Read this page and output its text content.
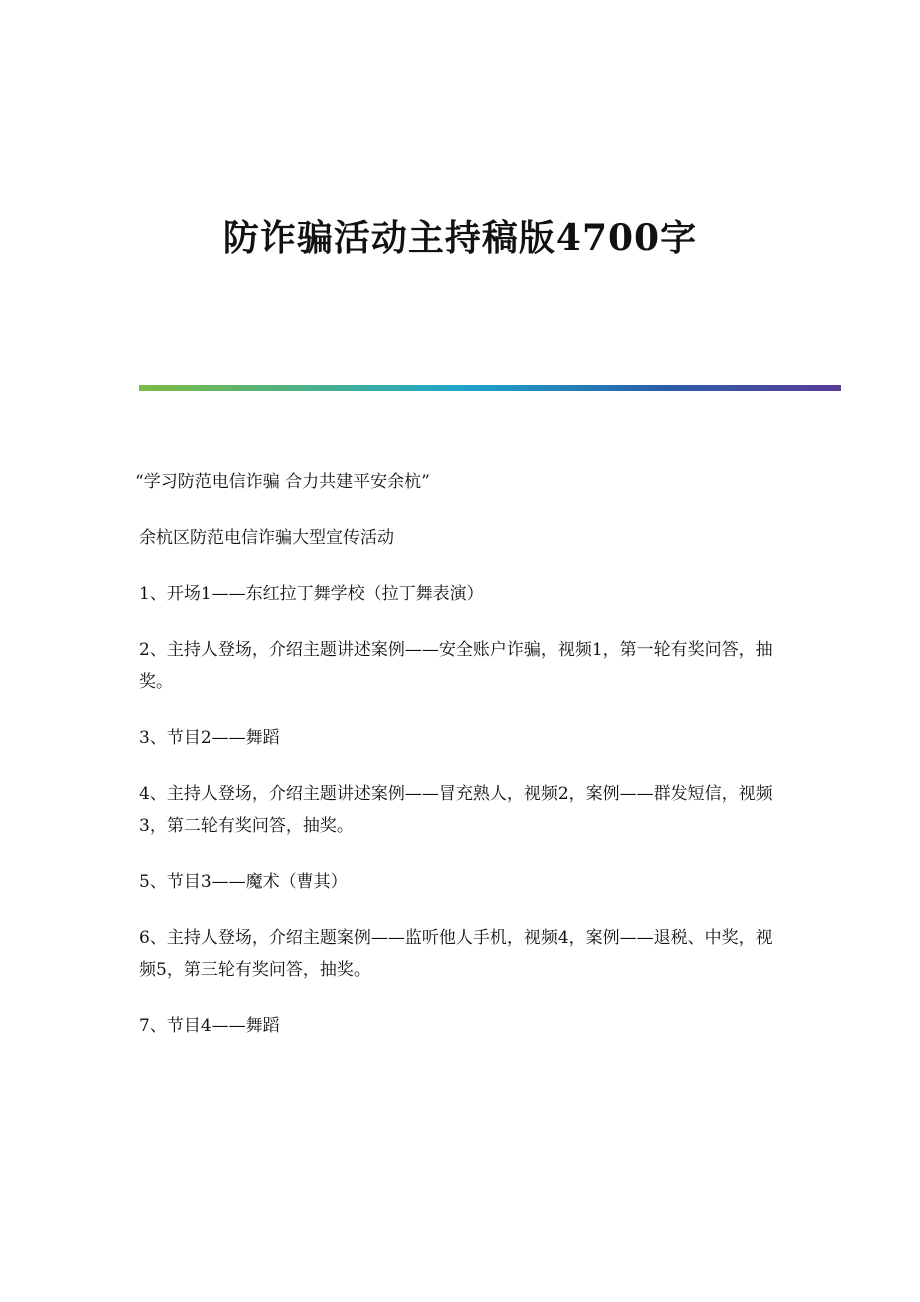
防诈骗活动主持稿版4700字

“学习防范电信诈骗 合力共建平安余杭”

余杭区防范电信诈骗大型宣传活动

1、开场1——东红拉丁舞学校（拉丁舞表演）

2、主持人登场，介绍主题讲述案例——安全账户诈骗，视频1，第一轮有奖问答，抽奖。

3、节目2——舞蹈

4、主持人登场，介绍主题讲述案例——冒充熟人，视频2，案例——群发短信，视频3，第二轮有奖问答，抽奖。

5、节目3——魔术（曹其）

6、主持人登场，介绍主题案例——监听他人手机，视频4，案例——退税、中奖，视频5，第三轮有奖问答，抽奖。

7、节目4——舞蹈
